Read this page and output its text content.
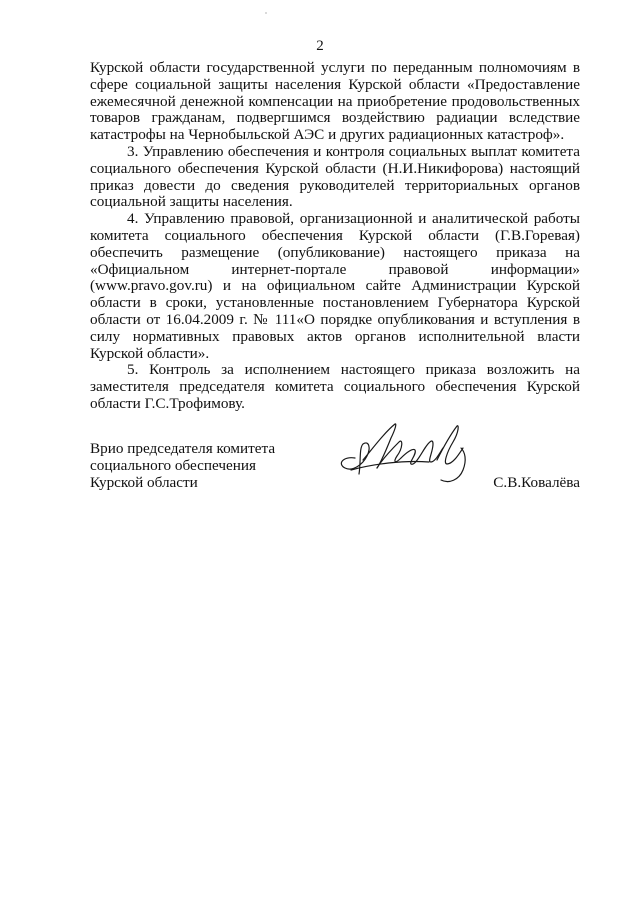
2

Курской области государственной услуги по переданным полномочиям в сфере социальной защиты населения Курской области «Предоставление ежемесячной денежной компенсации на приобретение продовольственных товаров гражданам, подвергшимся воздействию радиации вследствие катастрофы на Чернобыльской АЭС и других радиационных катастроф».

3. Управлению обеспечения и контроля социальных выплат комитета социального обеспечения Курской области (Н.И.Никифорова) настоящий приказ довести до сведения руководителей территориальных органов социальной защиты населения.

4. Управлению правовой, организационной и аналитической работы комитета социального обеспечения Курской области (Г.В.Горевая) обеспечить размещение (опубликование) настоящего приказа на «Официальном интернет-портале правовой информации» (www.pravo.gov.ru) и на официальном сайте Администрации Курской области в сроки, установленные постановлением Губернатора Курской области от 16.04.2009 г. № 111«О порядке опубликования и вступления в силу нормативных правовых актов органов исполнительной власти Курской области».

5. Контроль за исполнением настоящего приказа возложить на заместителя председателя комитета социального обеспечения Курской области Г.С.Трофимову.

Врио председателя комитета
социального обеспечения
Курской области	С.В.Ковалёва
